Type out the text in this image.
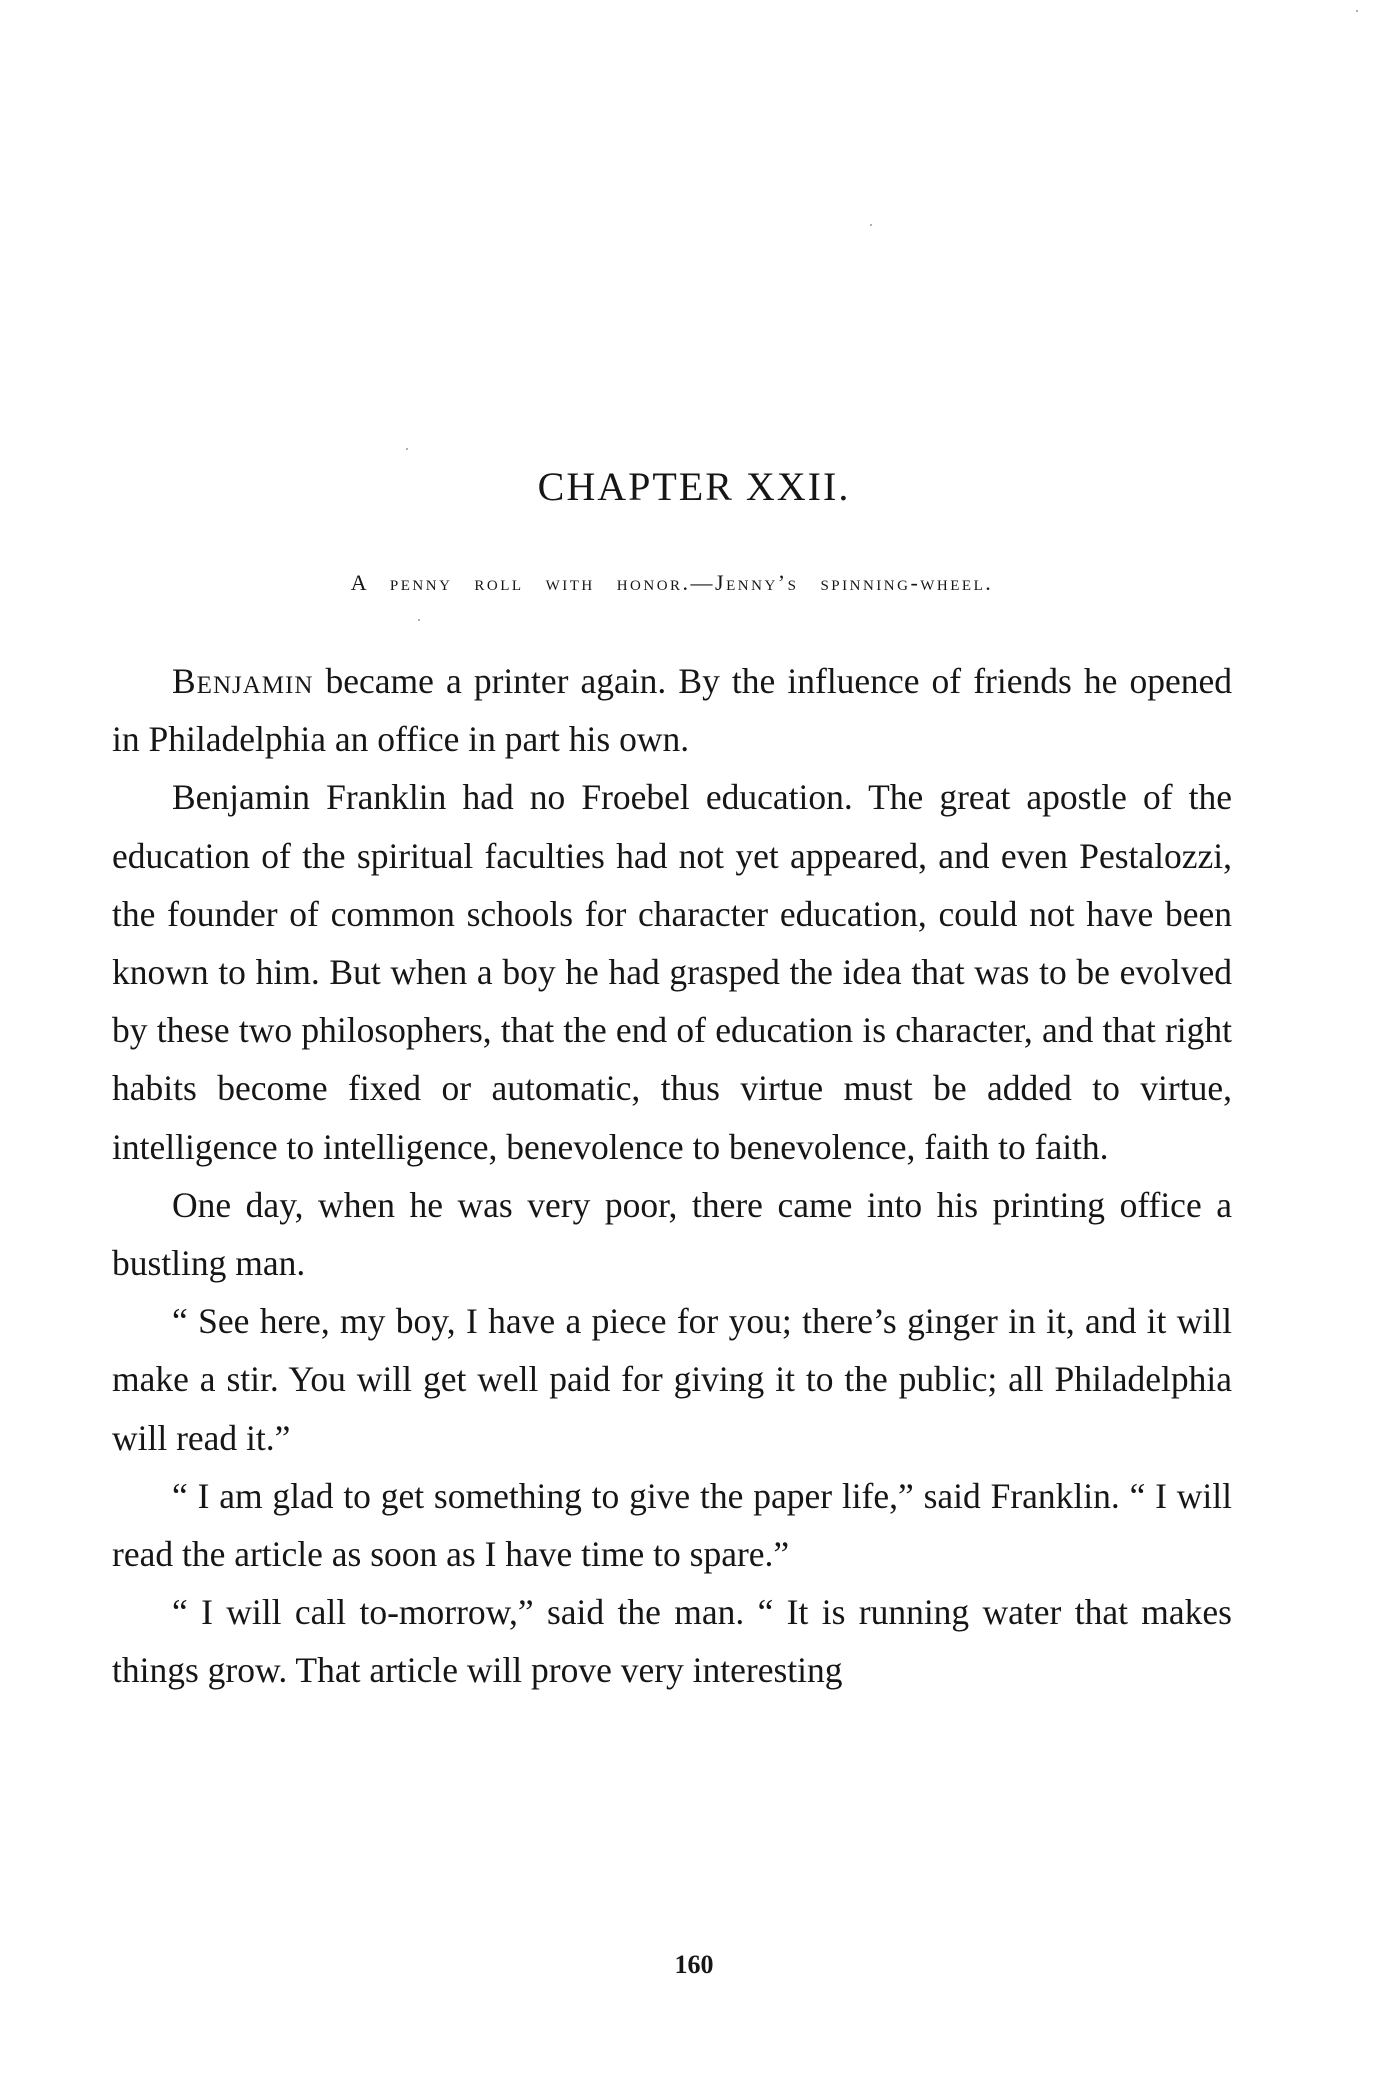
CHAPTER XXII.
A penny roll with honor.—Jenny’s spinning-wheel.

Benjamin became a printer again. By the influence of friends he opened in Philadelphia an office in part his own.

Benjamin Franklin had no Froebel education. The great apostle of the education of the spiritual faculties had not yet appeared, and even Pestalozzi, the founder of common schools for character education, could not have been known to him. But when a boy he had grasped the idea that was to be evolved by these two philosophers, that the end of education is character, and that right habits become fixed or automatic, thus virtue must be added to virtue, intelligence to intelligence, benevolence to benevolence, faith to faith.

One day, when he was very poor, there came into his printing office a bustling man.

“ See here, my boy, I have a piece for you; there’s ginger in it, and it will make a stir. You will get well paid for giving it to the public; all Philadelphia will read it.”

“ I am glad to get something to give the paper life,” said Franklin. “ I will read the article as soon as I have time to spare.”

“ I will call to-morrow,” said the man. “ It is running water that makes things grow. That article will prove very interesting

160
